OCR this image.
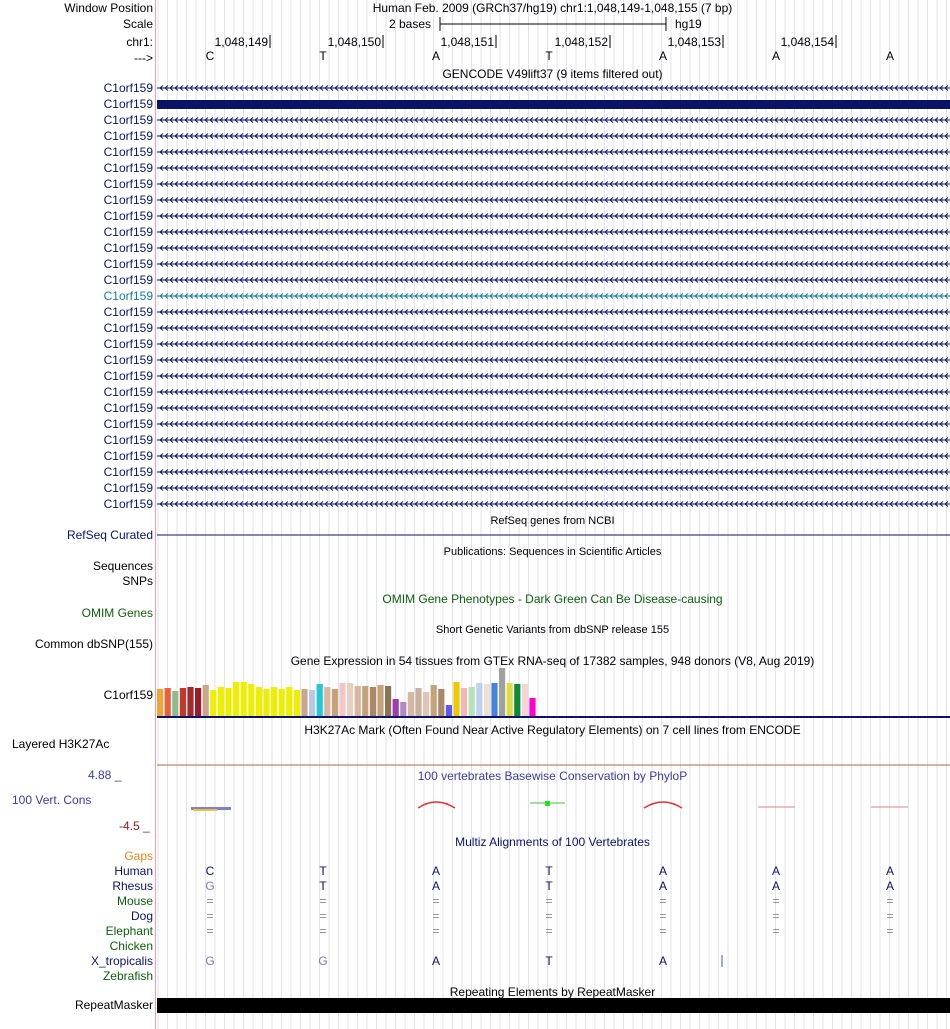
Window Position	Human Feb. 2009 (GRCh37/hg19) chr1:1,048,149-1,048,155 (7 bp)
Scale	2 bases	hg19
chr1:	1,048,149	1,048,150	1,048,151	1,048,152	1,048,153	1,048,154
--->	C	T	A	T	A	A	A
GENCODE V49lift37 (9 items filtered out)
C1orf159
C1orf159
C1orf159
C1orf159
C1orf159
C1orf159
C1orf159
C1orf159
C1orf159
C1orf159
C1orf159
C1orf159
C1orf159
C1orf159
C1orf159
C1orf159
C1orf159
C1orf159
C1orf159
C1orf159
C1orf159
C1orf159
C1orf159
C1orf159
C1orf159
C1orf159
C1orf159
RefSeq genes from NCBI
RefSeq Curated
Publications: Sequences in Scientific Articles
Sequences
SNPs
OMIM Gene Phenotypes - Dark Green Can Be Disease-causing
OMIM Genes
Short Genetic Variants from dbSNP release 155
Common dbSNP(155)
Gene Expression in 54 tissues from GTEx RNA-seq of 17382 samples, 948 donors (V8, Aug 2019)
C1orf159
H3K27Ac Mark (Often Found Near Active Regulatory Elements) on 7 cell lines from ENCODE
Layered H3K27Ac
4.88 _	100 vertebrates Basewise Conservation by PhyloP
100 Vert. Cons
-4.5 _
Multiz Alignments of 100 Vertebrates
Gaps
Human	C	T	A	T	A	A	A
Rhesus	G	T	A	T	A	A	A
Mouse	=	=	=	=	=	=	=
Dog	=	=	=	=	=	=	=
Elephant	=	=	=	=	=	=	=
Chicken
X_tropicalis	G	G	A	T	A
Zebrafish
Repeating Elements by RepeatMasker
RepeatMasker
